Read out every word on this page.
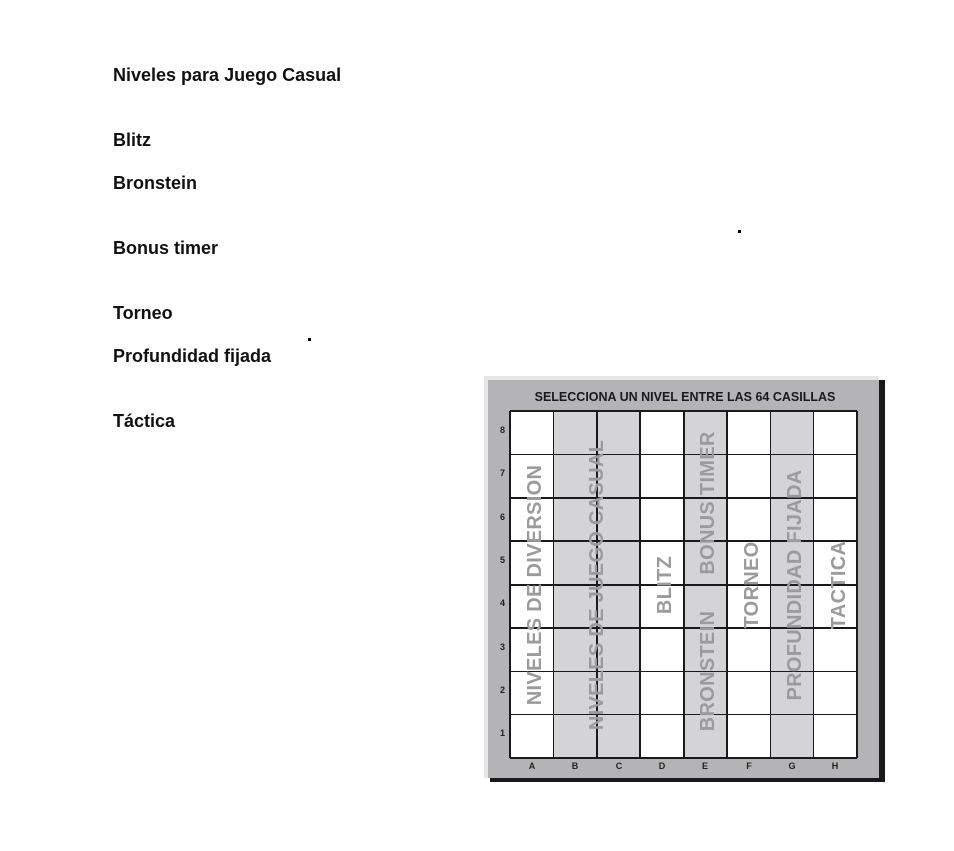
Niveles para Juego Casual
Blitz
Bronstein
Bonus timer
Torneo
Profundidad fijada
Táctica
SELECCIONA UN NIVEL ENTRE LAS 64 CASILLAS
8
7
6
5
4
3
2
1
A	B	C	D	E	F	G	H
NIVELES DE DIVERSION NIVELES DE JUEGO CASUAL BLITZ
BONUS TIMER
BRONSTEIN
TORNEO PROFUNDIDAD FIJADA TACTICA
